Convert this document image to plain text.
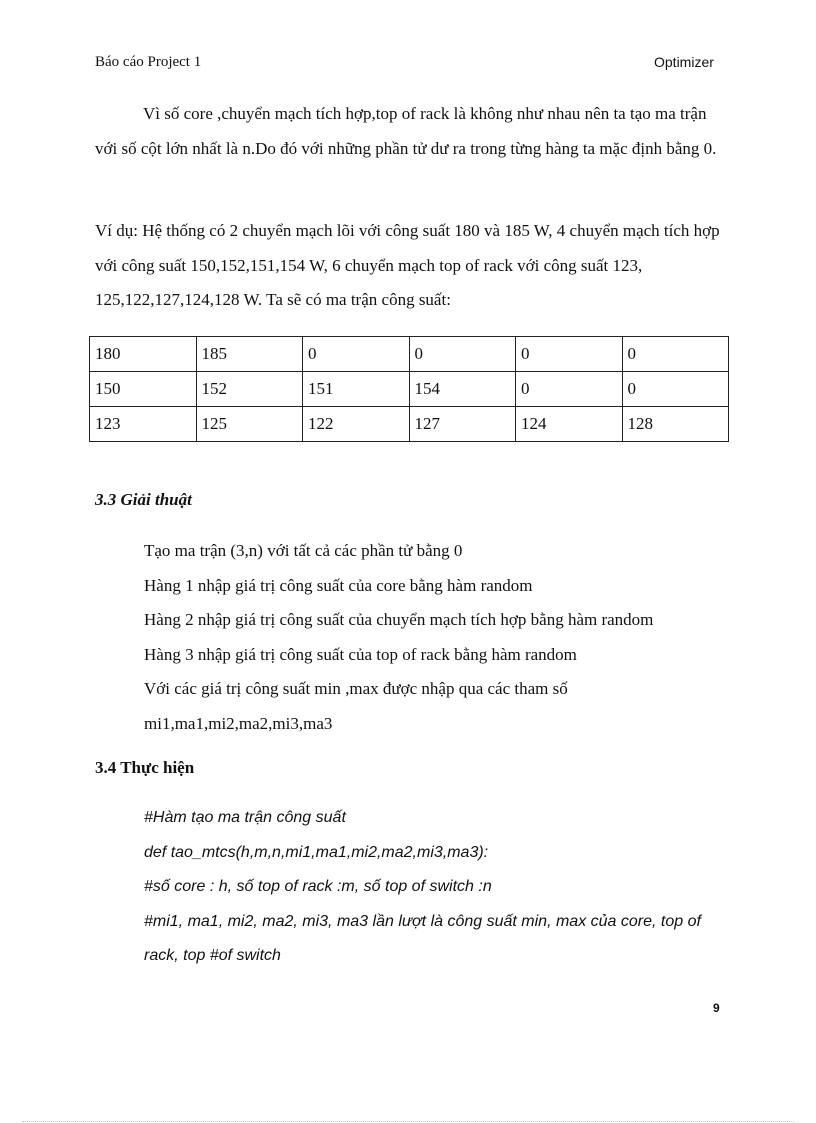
Báo cáo Project 1	Optimizer

Vì số core ,chuyển mạch tích hợp,top of rack là không như nhau nên ta tạo ma trận với số cột lớn nhất là n.Do đó với những phần tử dư ra trong từng hàng ta mặc định bằng 0.

Ví dụ: Hệ thống có 2 chuyển mạch lõi với công suất 180 và 185 W, 4 chuyển mạch tích hợp với công suất 150,152,151,154 W, 6 chuyển mạch top of rack với công suất 123, 125,122,127,124,128 W. Ta sẽ có ma trận công suất:

180	185	0	0	0	0
150	152	151	154	0	0
123	125	122	127	124	128
3.3 Giải thuật
Tạo ma trận (3,n) với tất cả các phần tử bằng 0
Hàng 1 nhập giá trị công suất của core bằng hàm random
Hàng 2 nhập giá trị công suất của chuyển mạch tích hợp bằng hàm random
Hàng 3 nhập giá trị công suất của top of rack bằng hàm random
Với các giá trị công suất min ,max được nhập qua các tham số
mi1,ma1,mi2,ma2,mi3,ma3
3.4 Thực hiện
#Hàm tạo ma trận công suất
def tao_mtcs(h,m,n,mi1,ma1,mi2,ma2,mi3,ma3):
#số core : h, số top of rack :m, số top of switch :n
#mi1, ma1, mi2, ma2, mi3, ma3 lần lượt là công suất min, max của core, top of rack, top #of switch
9
